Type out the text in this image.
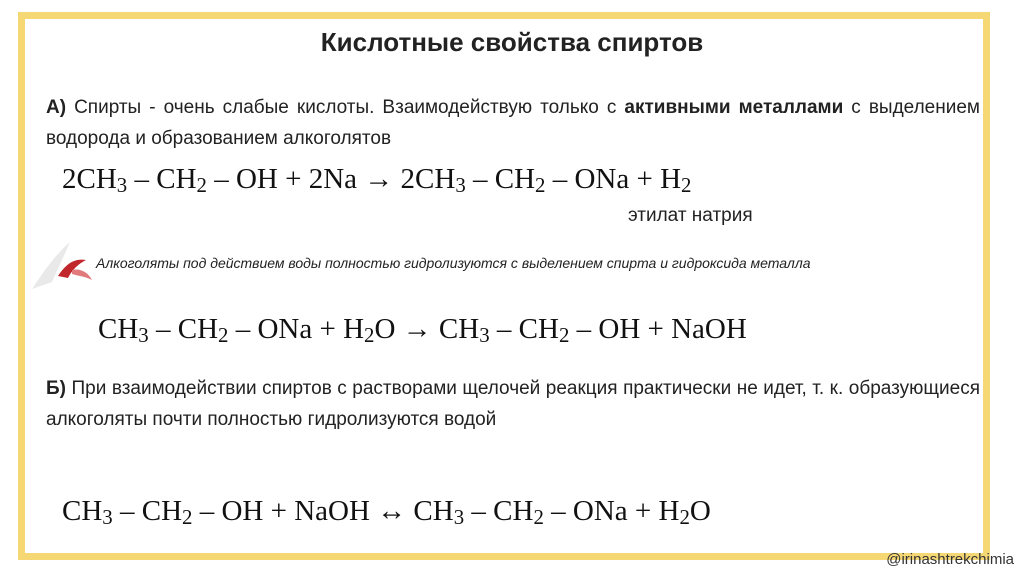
Кислотные свойства спиртов
А) Спирты - очень слабые кислоты. Взаимодействую только с активными металлами с выделением водорода и образованием алкоголятов
2CH3 – CH2 – OH + 2Na → 2CH3 – CH2 – ONa + H2
этилат натрия
Алкоголяты под действием воды полностью гидролизуются с выделением спирта и гидроксида металла
CH3 – CH2 – ONa + H2O → CH3 – CH2 – OH + NaOH
Б) При взаимодействии спиртов с растворами щелочей реакция практически не идет, т. к. образующиеся алкоголяты почти полностью гидролизуются водой
CH3 – CH2 – OH + NaOH ↔ CH3 – CH2 – ONa + H2O
@irinashtrekchimia
